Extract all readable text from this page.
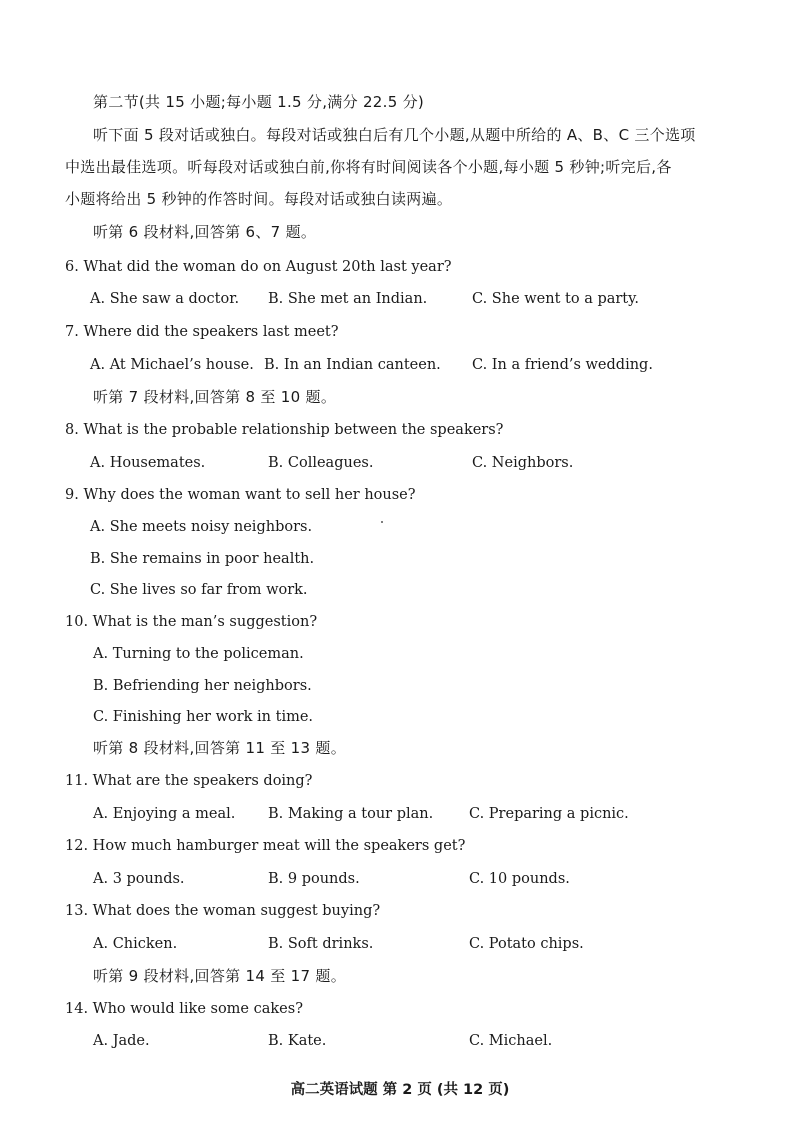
第二节(共 15 小题;每小题 1.5 分,满分 22.5 分)
听下面 5 段对话或独白。每段对话或独白后有几个小题,从题中所给的 A、B、C 三个选项
中选出最佳选项。听每段对话或独白前,你将有时间阅读各个小题,每小题 5 秒钟;听完后,各
小题将给出 5 秒钟的作答时间。每段对话或独白读两遍。
听第 6 段材料,回答第 6、7 题。
6. What did the woman do on August 20th last year?
A. She saw a doctor. B. She met an Indian.	C. She went to a party.
7. Where did the speakers last meet?
A. At Michael’s house. B. In an Indian canteen. C. In a friend’s wedding.
听第 7 段材料,回答第 8 至 10 题。
8. What is the probable relationship between the speakers?
A. Housemates.	B. Colleagues.	C. Neighbors.
9. Why does the woman want to sell her house?
A. She meets noisy neighbors.
B. She remains in poor health.
C. She lives so far from work.
10. What is the man’s suggestion?
A. Turning to the policeman.
B. Befriending her neighbors.
C. Finishing her work in time.
听第 8 段材料,回答第 11 至 13 题。
11. What are the speakers doing?
A. Enjoying a meal. B. Making a tour plan. C. Preparing a picnic.
12. How much hamburger meat will the speakers get?
A. 3 pounds.	B. 9 pounds.	C. 10 pounds.
13. What does the woman suggest buying?
A. Chicken.	B. Soft drinks.	C. Potato chips.
听第 9 段材料,回答第 14 至 17 题。
14. Who would like some cakes?
A. Jade.	B. Kate.	C. Michael.
高二英语试题 第 2 页 (共 12 页)
